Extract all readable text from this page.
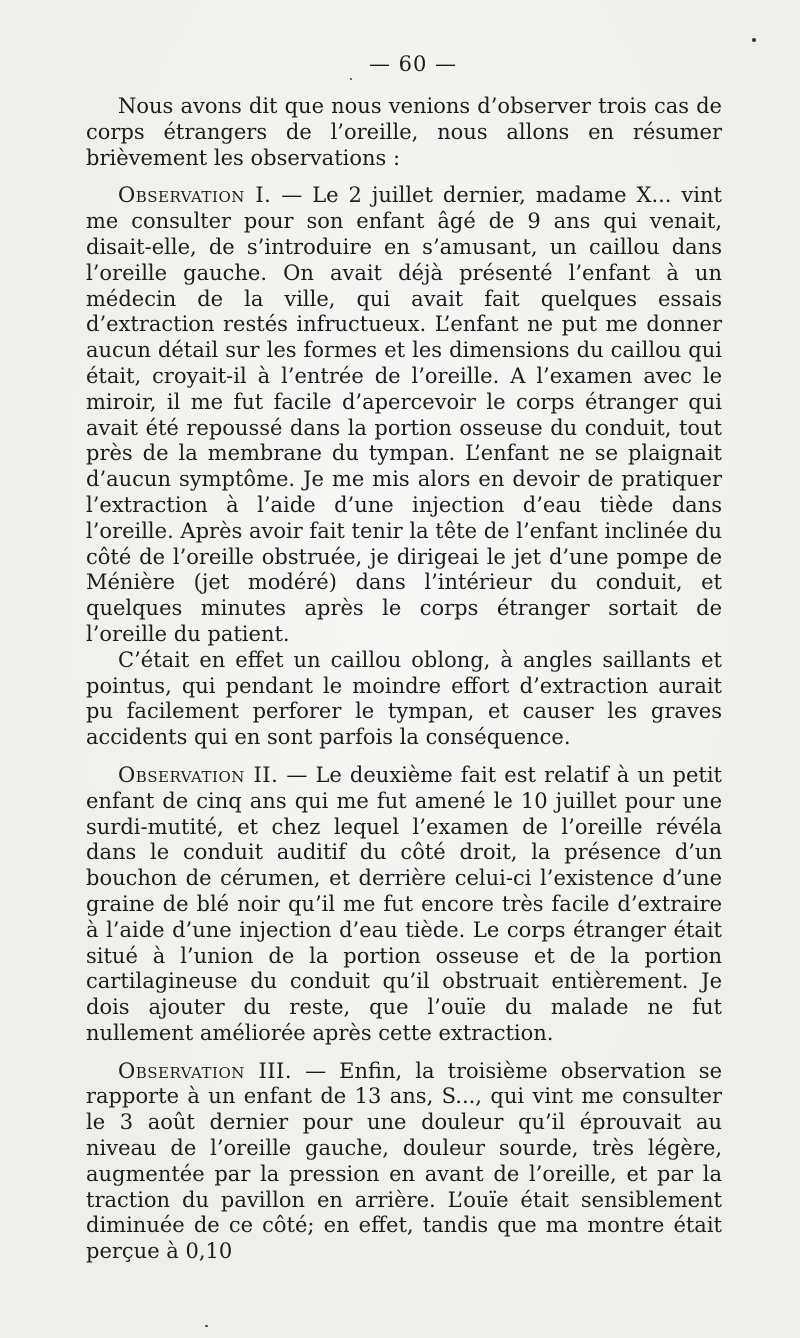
— 60 —

Nous avons dit que nous venions d’observer trois cas de corps étrangers de l’oreille, nous allons en résumer brièvement les observations :

Observation I. — Le 2 juillet dernier, madame X... vint me consulter pour son enfant âgé de 9 ans qui venait, disait-elle, de s’introduire en s’amusant, un caillou dans l’oreille gauche. On avait déjà présenté l’enfant à un médecin de la ville, qui avait fait quelques essais d’extraction restés infructueux. L’enfant ne put me donner aucun détail sur les formes et les dimensions du caillou qui était, croyait-il à l’entrée de l’oreille. A l’examen avec le miroir, il me fut facile d’apercevoir le corps étranger qui avait été repoussé dans la portion osseuse du conduit, tout près de la membrane du tympan. L’enfant ne se plaignait d’aucun symptôme. Je me mis alors en devoir de pratiquer l’extraction à l’aide d’une injection d’eau tiède dans l’oreille. Après avoir fait tenir la tête de l’enfant inclinée du côté de l’oreille obstruée, je dirigeai le jet d’une pompe de Ménière (jet modéré) dans l’intérieur du conduit, et quelques minutes après le corps étranger sortait de l’oreille du patient.

C’était en effet un caillou oblong, à angles saillants et pointus, qui pendant le moindre effort d’extraction aurait pu facilement perforer le tympan, et causer les graves accidents qui en sont parfois la conséquence.

Observation II. — Le deuxième fait est relatif à un petit enfant de cinq ans qui me fut amené le 10 juillet pour une surdi-mutité, et chez lequel l’examen de l’oreille révéla dans le conduit auditif du côté droit, la présence d’un bouchon de cérumen, et derrière celui-ci l’existence d’une graine de blé noir qu’il me fut encore très facile d’extraire à l’aide d’une injection d’eau tiède. Le corps étranger était situé à l’union de la portion osseuse et de la portion cartilagineuse du conduit qu’il obstruait entièrement. Je dois ajouter du reste, que l’ouïe du malade ne fut nullement améliorée après cette extraction.

Observation III. — Enfin, la troisième observation se rapporte à un enfant de 13 ans, S..., qui vint me consulter le 3 août dernier pour une douleur qu’il éprouvait au niveau de l’oreille gauche, douleur sourde, très légère, augmentée par la pression en avant de l’oreille, et par la traction du pavillon en arrière. L’ouïe était sensiblement diminuée de ce côté; en effet, tandis que ma montre était perçue à 0,10
